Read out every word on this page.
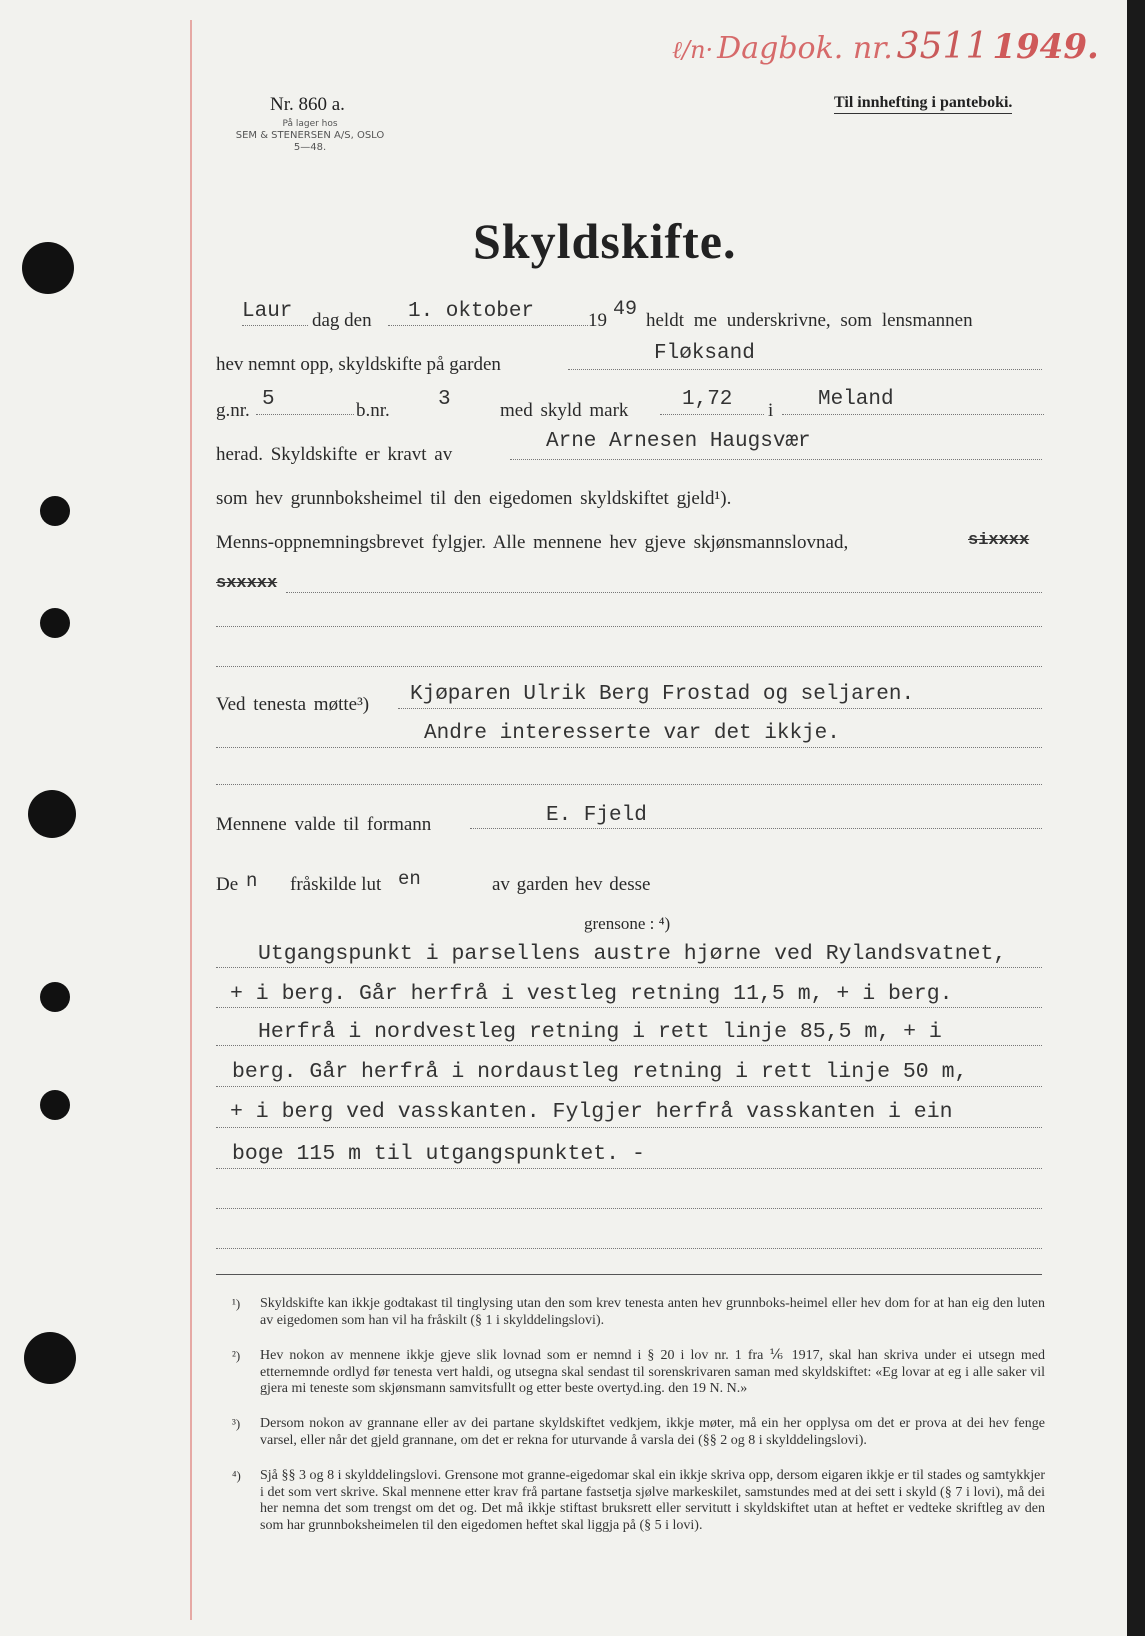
ℓ/n· Dagbok. nr. 3511 1949.
Nr. 860 a.
På lager hos
SEM & STENERSEN A/S, OSLO
5—48.
Til innhefting i panteboki.
Skyldskifte.
Laur dag den 1. oktober	19 49 heldt me underskrivne, som lensmannen
hev nemnt opp, skyldskifte på garden	Fløksand
g.nr. 5	b.nr. 3	med skyld mark	1,72 i Meland
herad. Skyldskifte er kravt av
Arne Arnesen Haugsvær
som hev grunnboksheimel til den eigedomen skyldskiftet gjeld¹).
Menns-oppnemningsbrevet fylgjer. Alle mennene hev gjeve skjønsmannslovnad,	sixxxx
sxxxxx
Ved tenesta møtte³) Kjøparen Ulrik Berg Frostad og seljaren.
Andre interesserte var det ikkje.
Mennene valde til formann	E. Fjeld
De n fråskilde lut en	av garden hev desse
grensone : ⁴)
Utgangspunkt i parsellens austre hjørne ved Rylandsvatnet,
+ i berg. Går herfrå i vestleg retning 11,5 m, + i berg.
Herfrå i nordvestleg retning i rett linje 85,5 m, + i
berg. Går herfrå i nordaustleg retning i rett linje 50 m,
+ i berg ved vasskanten. Fylgjer herfrå vasskanten i ein
boge 115 m til utgangspunktet. -
¹) Skyldskifte kan ikkje godtakast til tinglysing utan den som krev tenesta anten hev grunnboks-heimel eller hev dom for at han eig den luten av eigedomen som han vil ha fråskilt (§ 1 i skylddelingslovi).
²) Hev nokon av mennene ikkje gjeve slik lovnad som er nemnd i § 20 i lov nr. 1 fra ⅙ 1917, skal han skriva under ei utsegn med etternemnde ordlyd før tenesta vert haldi, og utsegna skal sendast til sorenskrivaren saman med skyldskiftet: «Eg lovar at eg i alle saker vil gjera mi teneste som skjønsmann samvitsfullt og etter beste overtyd.ing. den 19 N. N.»
³) Dersom nokon av grannane eller av dei partane skyldskiftet vedkjem, ikkje møter, må ein her opplysa om det er prova at dei hev fenge varsel, eller når det gjeld grannane, om det er rekna for uturvande å varsla dei (§§ 2 og 8 i skylddelingslovi).
⁴) Sjå §§ 3 og 8 i skylddelingslovi. Grensone mot granne-eigedomar skal ein ikkje skriva opp, dersom eigaren ikkje er til stades og samtykkjer i det som vert skrive. Skal mennene etter krav frå partane fastsetja sjølve markeskilet, samstundes med at dei sett i skyld (§ 7 i lovi), må dei her nemna det som trengst om det og. Det må ikkje stiftast bruksrett eller servitutt i skyldskiftet utan at heftet er vedteke skriftleg av den som har grunnboksheimelen til den eigedomen heftet skal liggja på (§ 5 i lovi).
